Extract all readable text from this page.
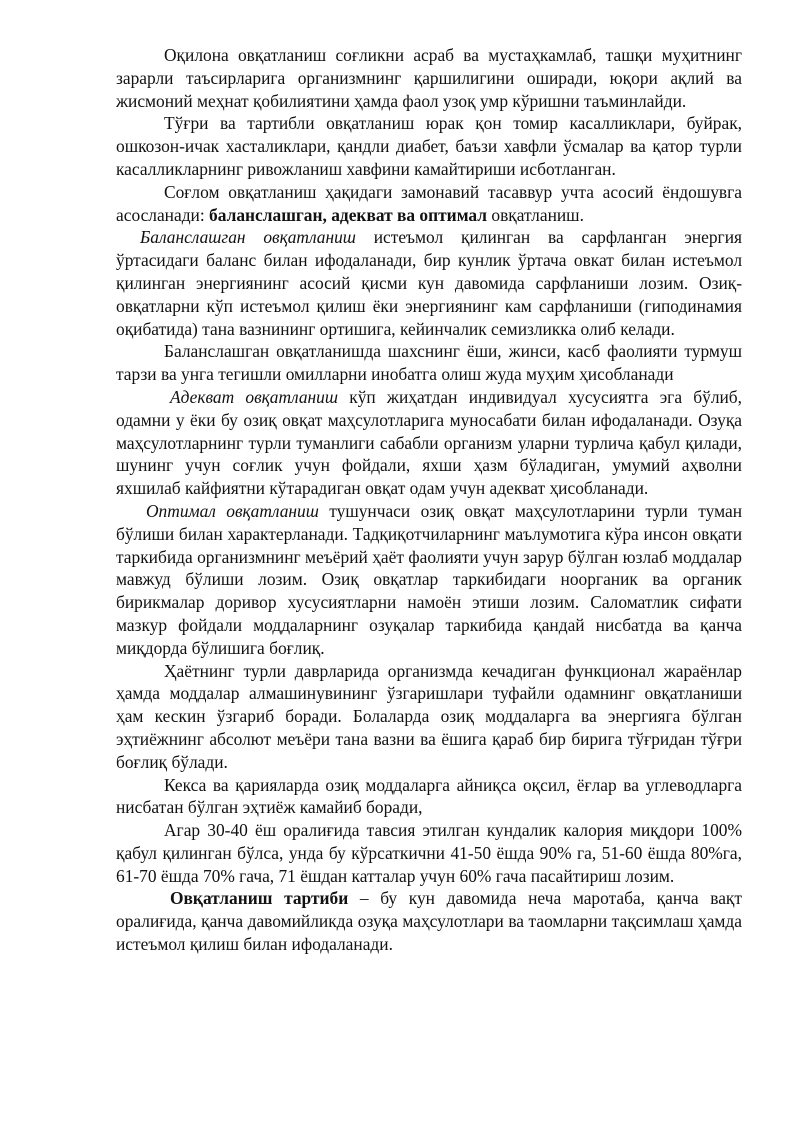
Оқилона овқатланиш соғликни асраб ва мустаҳкамлаб, ташқи муҳитнинг зарарли таъсирларига организмнинг қаршилигини оширади, юқори ақлий ва жисмоний меҳнат қобилиятини ҳамда фаол узоқ умр кўришни таъминлайди.

Тўғри ва тартибли овқатланиш юрак қон томир касалликлари, буйрак, ошкозон-ичак хасталиклари, қандли диабет, баъзи хавфли ўсмалар ва қатор турли касалликларнинг ривожланиш хавфини камайтириши исботланган.

Соғлом овқатланиш ҳақидаги замонавий тасаввур учта асосий ёндошувга асосланади: баланслашган, адекват ва оптимал овқатланиш.

Баланслашган овқатланиш истеъмол қилинган ва сарфланган энергия ўртасидаги баланс билан ифодаланади, бир кунлик ўртача овкат билан истеъмол қилинган энергиянинг асосий қисми кун давомида сарфланиши лозим. Озиқ-овқатларни кўп истеъмол қилиш ёки энергиянинг кам сарфланиши (гиподинамия оқибатида) тана вазнининг ортишига, кейинчалик семизликка олиб келади.

Баланслашган овқатланишда шахснинг ёши, жинси, касб фаолияти турмуш тарзи ва унга тегишли омилларни инобатга олиш жуда муҳим ҳисобланади

Адекват овқатланиш кўп жиҳатдан индивидуал хусусиятга эга бўлиб, одамни у ёки бу озиқ овқат маҳсулотларига муносабати билан ифодаланади. Озуқа маҳсулотларнинг турли туманлиги сабабли организм уларни турлича қабул қилади, шунинг учун соғлик учун фойдали, яхши ҳазм бўладиган, умумий аҳволни яхшилаб кайфиятни кўтарадиган овқат одам учун адекват ҳисобланади.

Оптимал овқатланиш тушунчаси озиқ овқат маҳсулотларини турли туман бўлиши билан характерланади. Тадқиқотчиларнинг маълумотига кўра инсон овқати таркибида организмнинг меъёрий ҳаёт фаолияти учун зарур бўлган юзлаб моддалар мавжуд бўлиши лозим. Озиқ овқатлар таркибидаги ноорганик ва органик бирикмалар доривор хусусиятларни намоён этиши лозим. Саломатлик сифати мазкур фойдали моддаларнинг озуқалар таркибида қандай нисбатда ва қанча миқдорда бўлишига боғлиқ.

Ҳаётнинг турли даврларида организмда кечадиган функционал жараёнлар ҳамда моддалар алмашинувининг ўзгаришлари туфайли одамнинг овқатланиши ҳам кескин ўзгариб боради. Болаларда озиқ моддаларга ва энергияга бўлган эҳтиёжнинг абсолют меъёри тана вазни ва ёшига қараб бир бирига тўғридан тўғри боғлиқ бўлади.

Кекса ва қарияларда озиқ моддаларга айниқса оқсил, ёғлар ва углеводларга нисбатан бўлган эҳтиёж камайиб боради,

Агар 30-40 ёш оралиғида тавсия этилган кундалик калория миқдори 100% қабул қилинган бўлса, унда бу кўрсаткични 41-50 ёшда 90% га, 51-60 ёшда 80%га, 61-70 ёшда 70% гача, 71 ёшдан катталар учун 60% гача пасайтириш лозим.

Овқатланиш тартиби – бу кун давомида неча маротаба, қанча вақт оралиғида, қанча давомийликда озуқа маҳсулотлари ва таомларни тақсимлаш ҳамда истеъмол қилиш билан ифодаланади.
